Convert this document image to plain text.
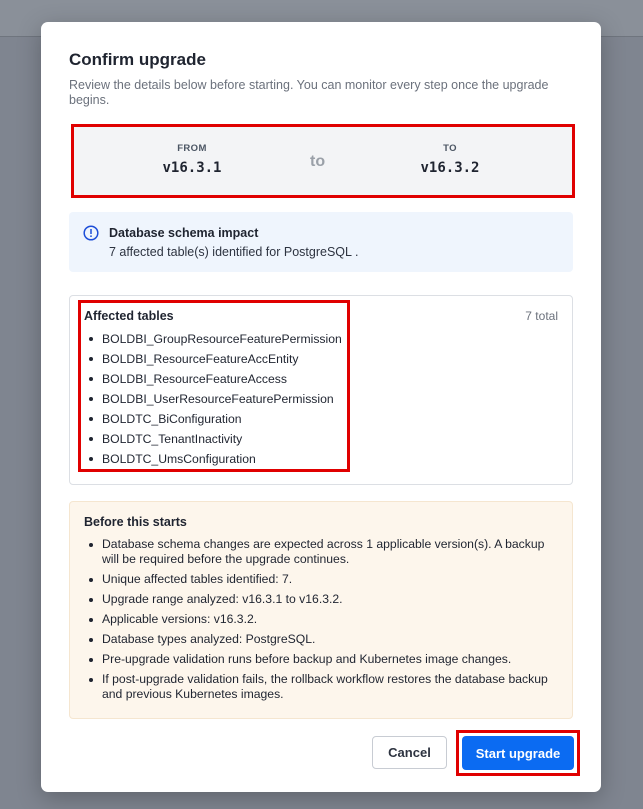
Confirm upgrade
Review the details below before starting. You can monitor every step once the upgrade begins.
FROM
v16.3.1	to
TO
v16.3.2
Database schema impact
7 affected table(s) identified for PostgreSQL .
Affected tables	7 total
BOLDBI_GroupResourceFeaturePermission
BOLDBI_ResourceFeatureAccEntity
BOLDBI_ResourceFeatureAccess
BOLDBI_UserResourceFeaturePermission
BOLDTC_BiConfiguration
BOLDTC_TenantInactivity
BOLDTC_UmsConfiguration
Before this starts
Database schema changes are expected across 1 applicable version(s). A backup will be required before the upgrade continues.
Unique affected tables identified: 7.
Upgrade range analyzed: v16.3.1 to v16.3.2.
Applicable versions: v16.3.2.
Database types analyzed: PostgreSQL.
Pre-upgrade validation runs before backup and Kubernetes image changes.
If post-upgrade validation fails, the rollback workflow restores the database backup and previous Kubernetes images.
Cancel	Start upgrade
